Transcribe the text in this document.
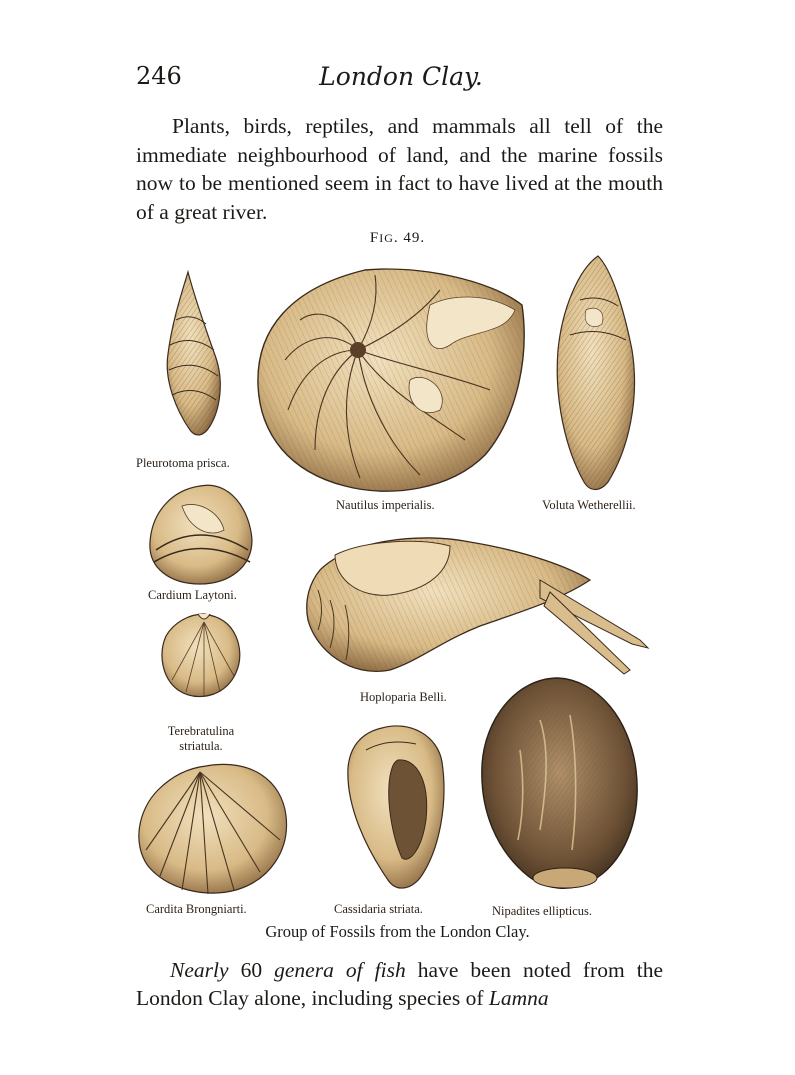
246	London Clay.

Plants, birds, reptiles, and mammals all tell of the immediate neighbourhood of land, and the marine fossils now to be mentioned seem in fact to have lived at the mouth of a great river.

FIG. 49.
Pleurotoma prisca.
Nautilus imperialis.	Voluta Wetherellii.
Cardium Laytoni.
Hoploparia Belli.
Terebratulina
striatula.
Cardita Brongniarti.	Cassidaria striata.	Nipadites ellipticus.
Group of Fossils from the London Clay.

Nearly 60 genera of fish have been noted from the London Clay alone, including species of Lamna
